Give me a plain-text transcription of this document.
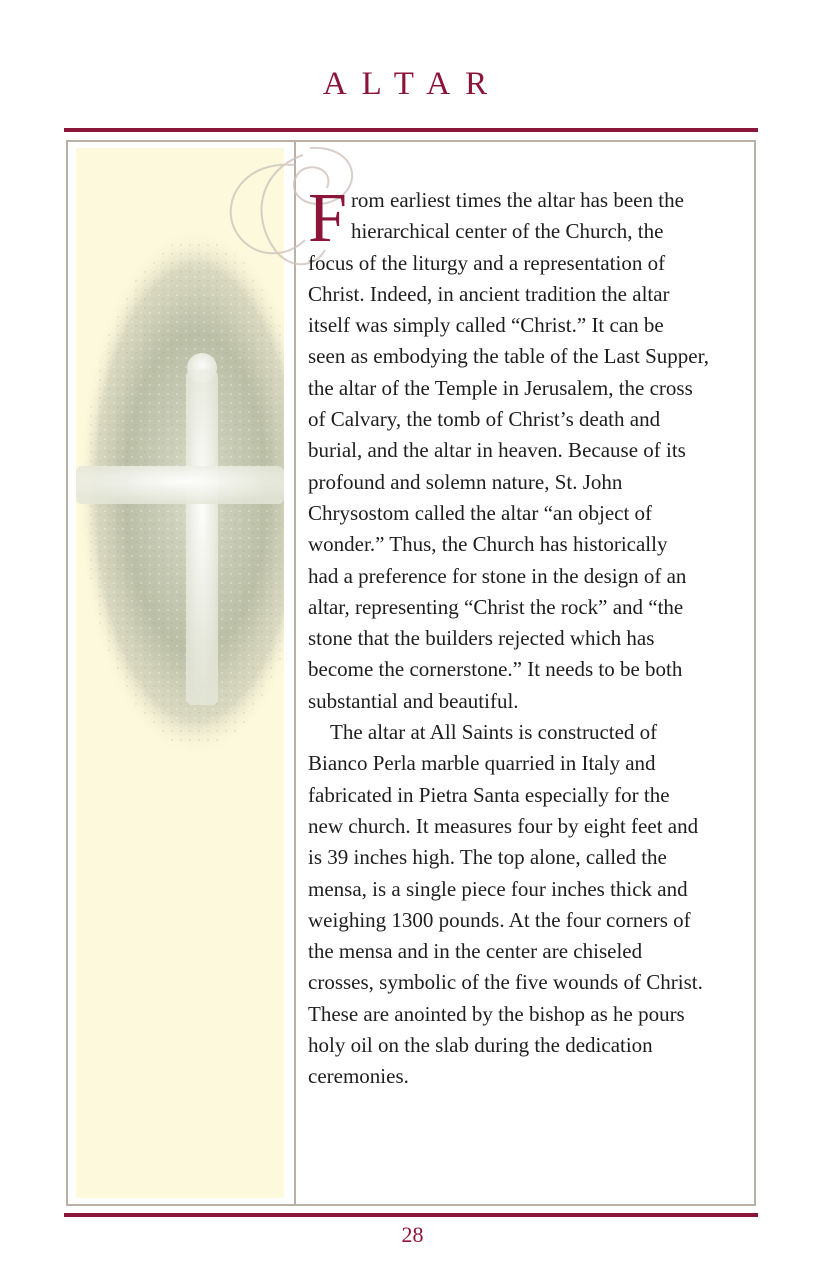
ALTAR
F rom earliest times the altar has been the

hierarchical center of the Church, the

focus of the liturgy and a representation of

Christ. Indeed, in ancient tradition the altar

itself was simply called “Christ.” It can be

seen as embodying the table of the Last Supper,

the altar of the Temple in Jerusalem, the cross

of Calvary, the tomb of Christ’s death and

burial, and the altar in heaven. Because of its

profound and solemn nature, St. John

Chrysostom called the altar “an object of

wonder.” Thus, the Church has historically

had a preference for stone in the design of an

altar, representing “Christ the rock” and “the

stone that the builders rejected which has

become the cornerstone.” It needs to be both

substantial and beautiful.

The altar at All Saints is constructed of

Bianco Perla marble quarried in Italy and

fabricated in Pietra Santa especially for the

new church. It measures four by eight feet and

is 39 inches high. The top alone, called the

mensa, is a single piece four inches thick and

weighing 1300 pounds. At the four corners of

the mensa and in the center are chiseled

crosses, symbolic of the five wounds of Christ.

These are anointed by the bishop as he pours

holy oil on the slab during the dedication

ceremonies.

28
